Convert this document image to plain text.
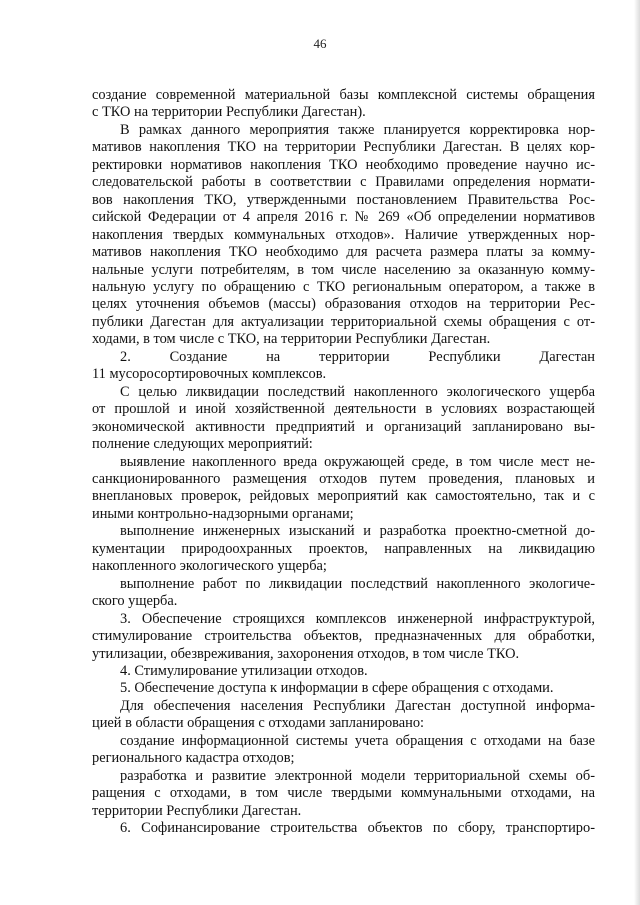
46
создание современной материальной базы комплексной системы обращения
с ТКО на территории Республики Дагестан).
В рамках данного мероприятия также планируется корректировка нор-
мативов накопления ТКО на территории Республики Дагестан. В целях кор-
ректировки нормативов накопления ТКО необходимо проведение научно ис-
следовательской работы в соответствии с Правилами определения нормати-
вов накопления ТКО, утвержденными постановлением Правительства Рос-
сийской Федерации от 4 апреля 2016 г. № 269 «Об определении нормативов
накопления твердых коммунальных отходов». Наличие утвержденных нор-
мативов накопления ТКО необходимо для расчета размера платы за комму-
нальные услуги потребителям, в том числе населению за оказанную комму-
нальную услугу по обращению с ТКО региональным оператором, а также в
целях уточнения объемов (массы) образования отходов на территории Рес-
публики Дагестан для актуализации территориальной схемы обращения с от-
ходами, в том числе с ТКО, на территории Республики Дагестан.
2.	Создание	на	территории	Республики	Дагестан
11 мусоросортировочных комплексов.
С целью ликвидации последствий накопленного экологического ущерба
от прошлой и иной хозяйственной деятельности в условиях возрастающей
экономической активности предприятий и организаций запланировано вы-
полнение следующих мероприятий:
выявление накопленного вреда окружающей среде, в том числе мест не-
санкционированного размещения отходов путем проведения, плановых и
внеплановых проверок, рейдовых мероприятий как самостоятельно, так и с
иными контрольно-надзорными органами;
выполнение инженерных изысканий и разработка проектно-сметной до-
кументации природоохранных проектов, направленных на ликвидацию
накопленного экологического ущерба;
выполнение работ по ликвидации последствий накопленного экологиче-
ского ущерба.
3. Обеспечение строящихся комплексов инженерной инфраструктурой,
стимулирование строительства объектов, предназначенных для обработки,
утилизации, обезвреживания, захоронения отходов, в том числе ТКО.
4. Стимулирование утилизации отходов.
5. Обеспечение доступа к информации в сфере обращения с отходами.
Для обеспечения населения Республики Дагестан доступной информа-
цией в области обращения с отходами запланировано:
создание информационной системы учета обращения с отходами на базе
регионального кадастра отходов;
разработка и развитие электронной модели территориальной схемы об-
ращения с отходами, в том числе твердыми коммунальными отходами, на
территории Республики Дагестан.
6. Софинансирование строительства объектов по сбору, транспортиро-
